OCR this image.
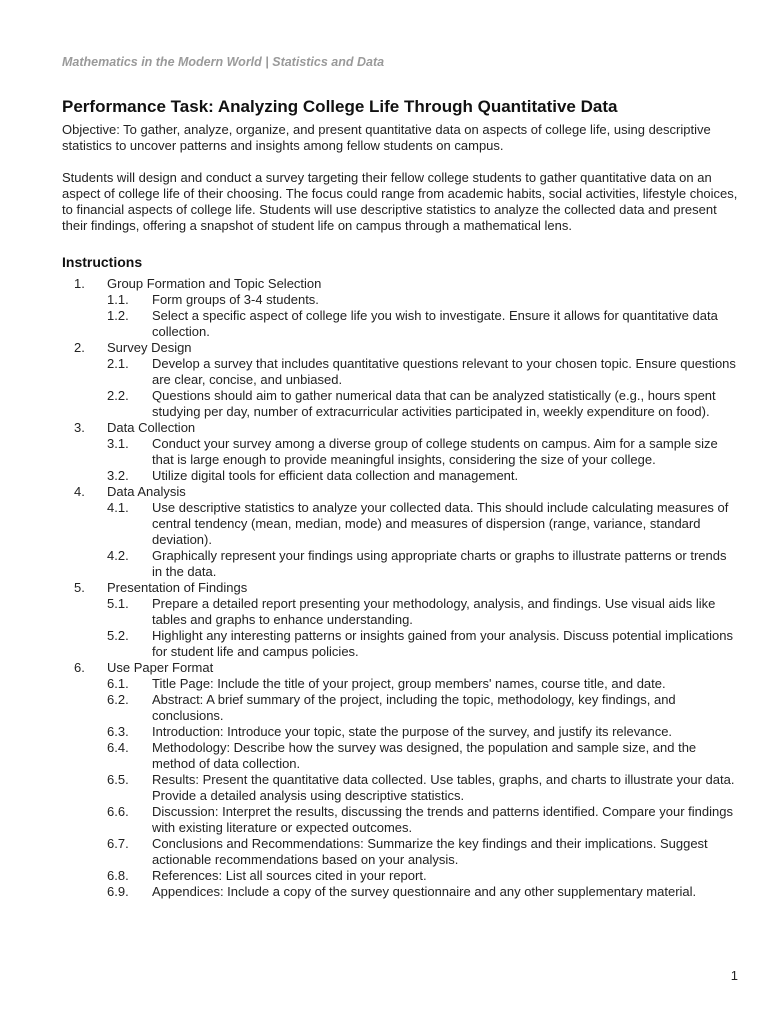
Mathematics in the Modern World | Statistics and Data

Performance Task: Analyzing College Life Through Quantitative Data

Objective: To gather, analyze, organize, and present quantitative data on aspects of college life, using descriptive statistics to uncover patterns and insights among fellow students on campus.

Students will design and conduct a survey targeting their fellow college students to gather quantitative data on an aspect of college life of their choosing. The focus could range from academic habits, social activities, lifestyle choices, to financial aspects of college life. Students will use descriptive statistics to analyze the collected data and present their findings, offering a snapshot of student life on campus through a mathematical lens.

Instructions
1.	Group Formation and Topic Selection
1.1.	Form groups of 3-4 students.
1.2.	Select a specific aspect of college life you wish to investigate. Ensure it allows for quantitative data collection.
2.	Survey Design
2.1.	Develop a survey that includes quantitative questions relevant to your chosen topic. Ensure questions are clear, concise, and unbiased.
2.2.	Questions should aim to gather numerical data that can be analyzed statistically (e.g., hours spent studying per day, number of extracurricular activities participated in, weekly expenditure on food).
3.	Data Collection
3.1.	Conduct your survey among a diverse group of college students on campus. Aim for a sample size that is large enough to provide meaningful insights, considering the size of your college.
3.2.	Utilize digital tools for efficient data collection and management.
4.	Data Analysis
4.1.	Use descriptive statistics to analyze your collected data. This should include calculating measures of central tendency (mean, median, mode) and measures of dispersion (range, variance, standard deviation).
4.2.	Graphically represent your findings using appropriate charts or graphs to illustrate patterns or trends in the data.
5.	Presentation of Findings
5.1.	Prepare a detailed report presenting your methodology, analysis, and findings. Use visual aids like tables and graphs to enhance understanding.
5.2.	Highlight any interesting patterns or insights gained from your analysis. Discuss potential implications for student life and campus policies.
6.	Use Paper Format
6.1.	Title Page: Include the title of your project, group members' names, course title, and date.
6.2.	Abstract: A brief summary of the project, including the topic, methodology, key findings, and conclusions.
6.3.	Introduction: Introduce your topic, state the purpose of the survey, and justify its relevance.
6.4.	Methodology: Describe how the survey was designed, the population and sample size, and the method of data collection.
6.5.	Results: Present the quantitative data collected. Use tables, graphs, and charts to illustrate your data. Provide a detailed analysis using descriptive statistics.
6.6.	Discussion: Interpret the results, discussing the trends and patterns identified. Compare your findings with existing literature or expected outcomes.
6.7.	Conclusions and Recommendations: Summarize the key findings and their implications. Suggest actionable recommendations based on your analysis.
6.8.	References: List all sources cited in your report.
6.9.	Appendices: Include a copy of the survey questionnaire and any other supplementary material.
1
